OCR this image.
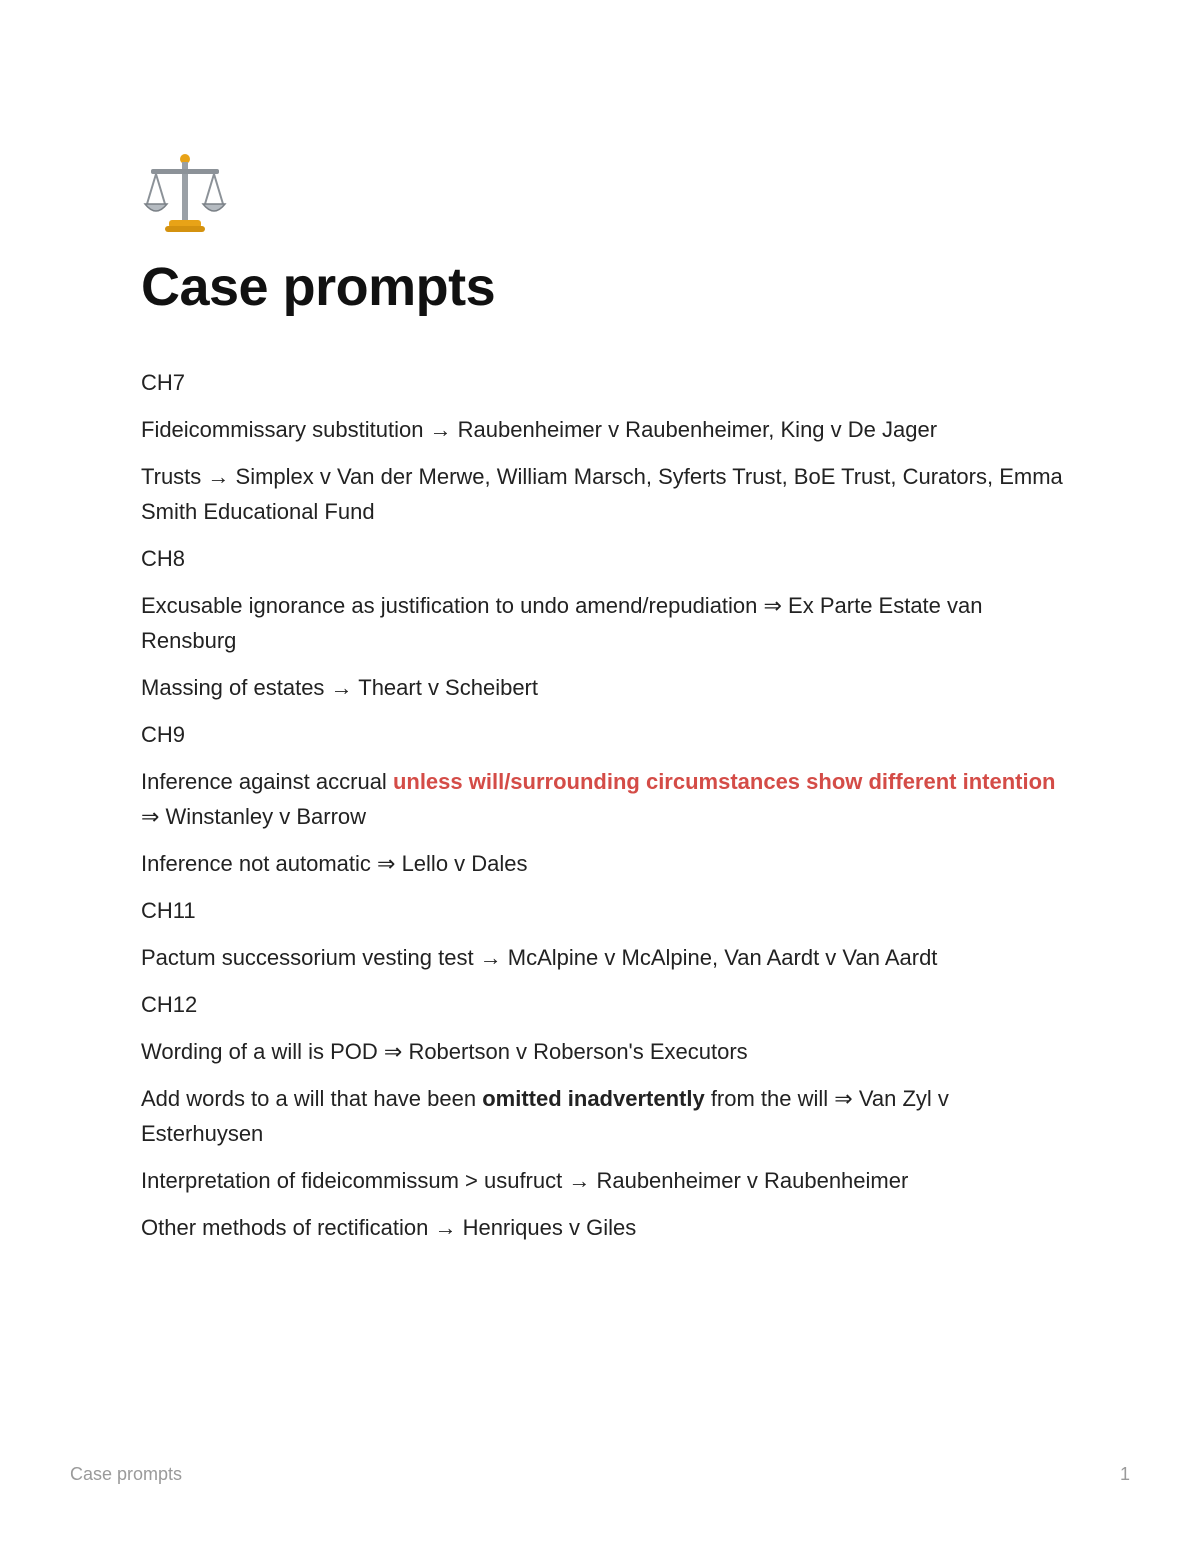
Case prompts

CH7

Fideicommissary substitution → Raubenheimer v Raubenheimer, King v De Jager

Trusts → Simplex v Van der Merwe, William Marsch, Syferts Trust, BoE Trust, Curators, Emma Smith Educational Fund

CH8

Excusable ignorance as justification to undo amend/repudiation ⇒ Ex Parte Estate van Rensburg

Massing of estates → Theart v Scheibert

CH9

Inference against accrual unless will/surrounding circumstances show different intention ⇒ Winstanley v Barrow

Inference not automatic ⇒ Lello v Dales

CH11

Pactum successorium vesting test → McAlpine v McAlpine, Van Aardt v Van Aardt

CH12

Wording of a will is POD ⇒ Robertson v Roberson's Executors

Add words to a will that have been omitted inadvertently from the will ⇒ Van Zyl v Esterhuysen

Interpretation of fideicommissum > usufruct → Raubenheimer v Raubenheimer

Other methods of rectification → Henriques v Giles

Case prompts	1
